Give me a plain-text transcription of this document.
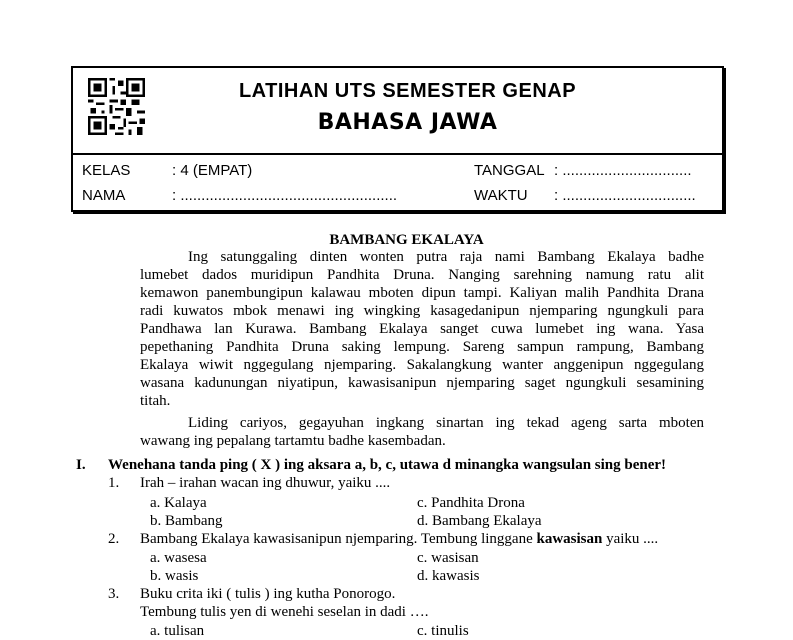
LATIHAN UTS SEMESTER GENAP
BAHASA JAWA
KELAS	: 4 (EMPAT)
NAMA	: ....................................................
TANGGAL : ...............................
WAKTU : ................................
BAMBANG EKALAYA
Ing satunggaling dinten wonten putra raja nami Bambang Ekalaya badhe
lumebet dados muridipun Pandhita Druna. Nanging sarehning namung ratu alit
kemawon panembungipun kalawau mboten dipun tampi. Kaliyan malih Pandhita Drana
radi kuwatos mbok menawi ing wingking kasagedanipun njemparing ngungkuli para
Pandhawa lan Kurawa. Bambang Ekalaya sanget cuwa lumebet ing wana. Yasa
pepethaning Pandhita Druna saking lempung. Sareng sampun rampung, Bambang
Ekalaya wiwit nggegulang njemparing. Sakalangkung wanter anggenipun nggegulang
wasana kadunungan niyatipun, kawasisanipun njemparing saget ngungkuli sesamining
titah.
Liding cariyos, gegayuhan ingkang sinartan ing tekad ageng sarta mboten
wawang ing pepalang tartamtu badhe kasembadan.
I. Wenehana tanda ping ( X ) ing aksara a, b, c, utawa d minangka wangsulan sing bener!
1. Irah – irahan wacan ing dhuwur, yaiku ....
a. Kalaya
b. Bambang
c. Pandhita Drona
d. Bambang Ekalaya
2. Bambang Ekalaya kawasisanipun njemparing. Tembung linggane kawasisan yaiku ....
a. wasesa
b. wasis
c. wasisan
d. kawasis
3. Buku crita iki ( tulis ) ing kutha Ponorogo.
Tembung tulis yen di wenehi seselan in dadi ….
a. tulisan	c. tinulis
